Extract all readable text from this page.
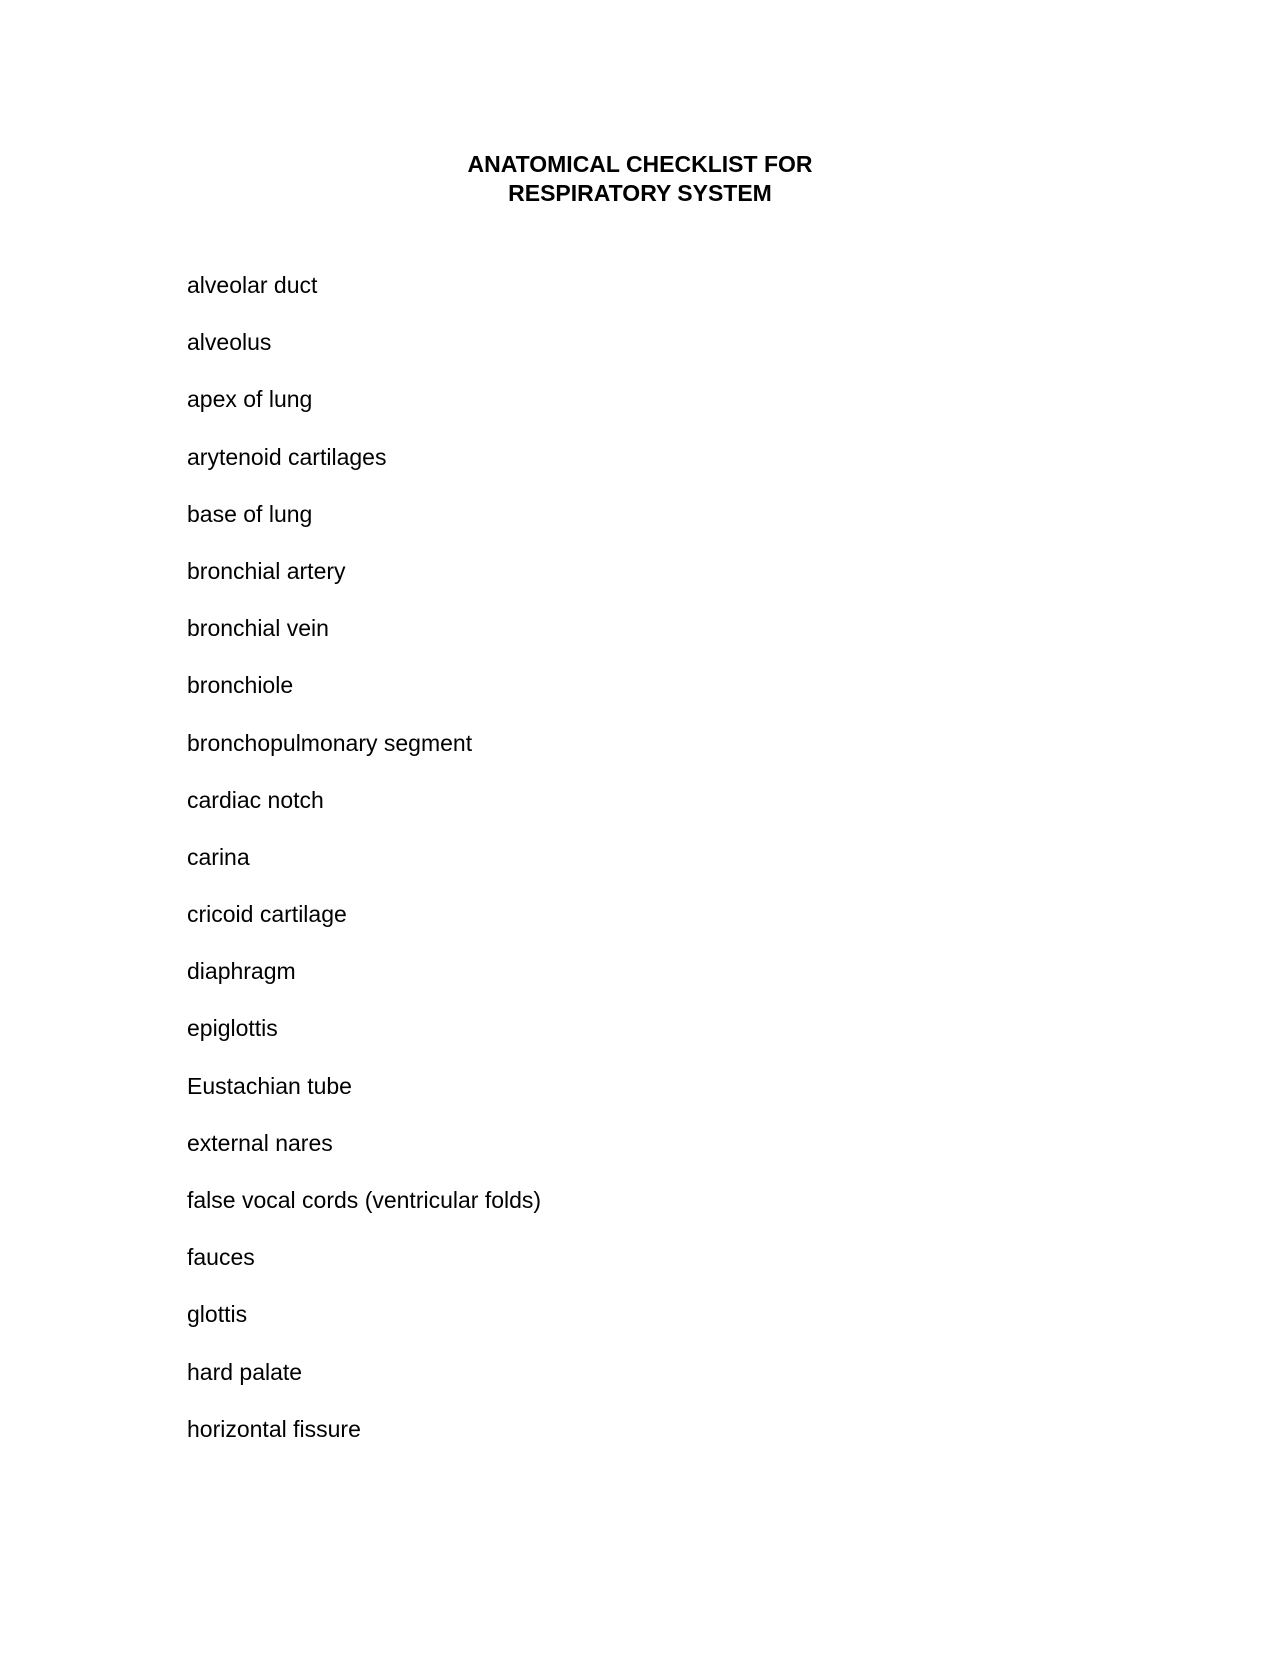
ANATOMICAL CHECKLIST FOR
RESPIRATORY SYSTEM
alveolar duct
alveolus
apex of lung
arytenoid cartilages
base of lung
bronchial artery
bronchial vein
bronchiole
bronchopulmonary segment
cardiac notch
carina
cricoid cartilage
diaphragm
epiglottis
Eustachian tube
external nares
false vocal cords (ventricular folds)
fauces
glottis
hard palate
horizontal fissure
